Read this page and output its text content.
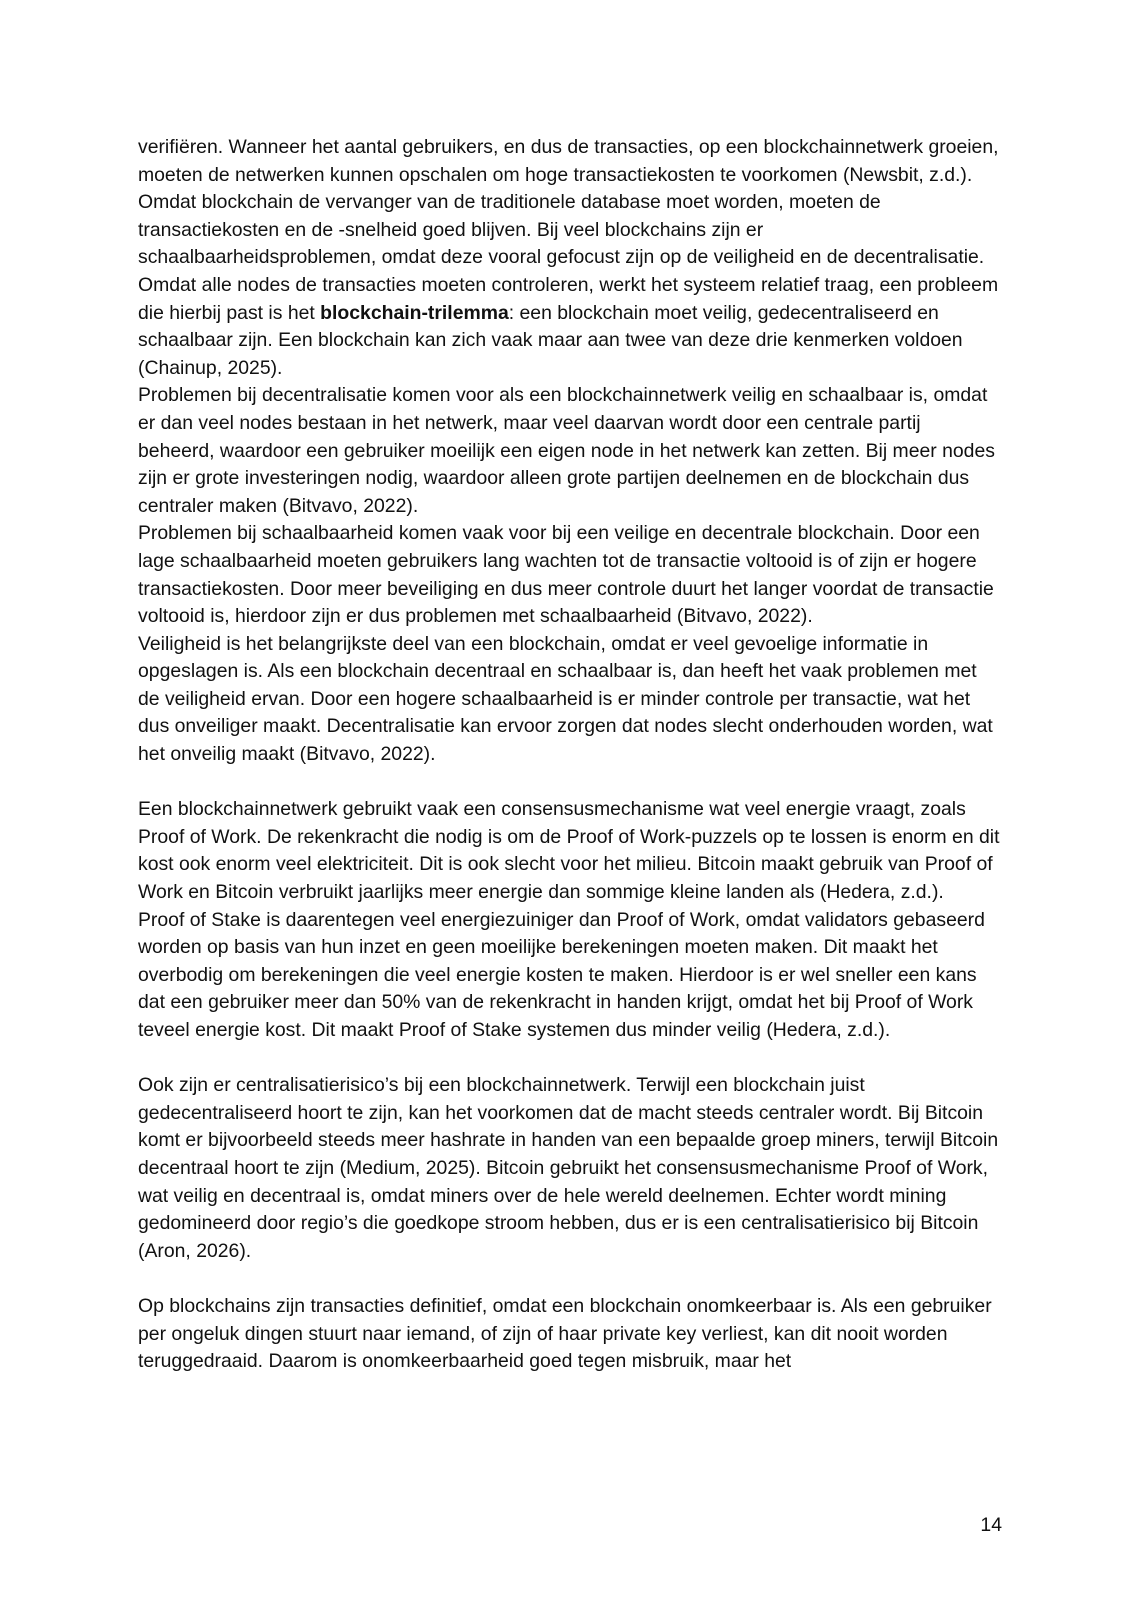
verifiëren. Wanneer het aantal gebruikers, en dus de transacties, op een blockchainnetwerk groeien, moeten de netwerken kunnen opschalen om hoge transactiekosten te voorkomen (Newsbit, z.d.). Omdat blockchain de vervanger van de traditionele database moet worden, moeten de transactiekosten en de -snelheid goed blijven. Bij veel blockchains zijn er schaalbaarheidsproblemen, omdat deze vooral gefocust zijn op de veiligheid en de decentralisatie. Omdat alle nodes de transacties moeten controleren, werkt het systeem relatief traag, een probleem die hierbij past is het blockchain-trilemma: een blockchain moet veilig, gedecentraliseerd en schaalbaar zijn. Een blockchain kan zich vaak maar aan twee van deze drie kenmerken voldoen (Chainup, 2025).

Problemen bij decentralisatie komen voor als een blockchainnetwerk veilig en schaalbaar is, omdat er dan veel nodes bestaan in het netwerk, maar veel daarvan wordt door een centrale partij beheerd, waardoor een gebruiker moeilijk een eigen node in het netwerk kan zetten. Bij meer nodes zijn er grote investeringen nodig, waardoor alleen grote partijen deelnemen en de blockchain dus centraler maken (Bitvavo, 2022).

Problemen bij schaalbaarheid komen vaak voor bij een veilige en decentrale blockchain. Door een lage schaalbaarheid moeten gebruikers lang wachten tot de transactie voltooid is of zijn er hogere transactiekosten. Door meer beveiliging en dus meer controle duurt het langer voordat de transactie voltooid is, hierdoor zijn er dus problemen met schaalbaarheid (Bitvavo, 2022).

Veiligheid is het belangrijkste deel van een blockchain, omdat er veel gevoelige informatie in opgeslagen is. Als een blockchain decentraal en schaalbaar is, dan heeft het vaak problemen met de veiligheid ervan. Door een hogere schaalbaarheid is er minder controle per transactie, wat het dus onveiliger maakt. Decentralisatie kan ervoor zorgen dat nodes slecht onderhouden worden, wat het onveilig maakt (Bitvavo, 2022).

Een blockchainnetwerk gebruikt vaak een consensusmechanisme wat veel energie vraagt, zoals Proof of Work. De rekenkracht die nodig is om de Proof of Work-puzzels op te lossen is enorm en dit kost ook enorm veel elektriciteit. Dit is ook slecht voor het milieu. Bitcoin maakt gebruik van Proof of Work en Bitcoin verbruikt jaarlijks meer energie dan sommige kleine landen als (Hedera, z.d.).

Proof of Stake is daarentegen veel energiezuiniger dan Proof of Work, omdat validators gebaseerd worden op basis van hun inzet en geen moeilijke berekeningen moeten maken. Dit maakt het overbodig om berekeningen die veel energie kosten te maken. Hierdoor is er wel sneller een kans dat een gebruiker meer dan 50% van de rekenkracht in handen krijgt, omdat het bij Proof of Work teveel energie kost. Dit maakt Proof of Stake systemen dus minder veilig (Hedera, z.d.).

Ook zijn er centralisatierisico’s bij een blockchainnetwerk. Terwijl een blockchain juist gedecentraliseerd hoort te zijn, kan het voorkomen dat de macht steeds centraler wordt. Bij Bitcoin komt er bijvoorbeeld steeds meer hashrate in handen van een bepaalde groep miners, terwijl Bitcoin decentraal hoort te zijn (Medium, 2025). Bitcoin gebruikt het consensusmechanisme Proof of Work, wat veilig en decentraal is, omdat miners over de hele wereld deelnemen. Echter wordt mining gedomineerd door regio’s die goedkope stroom hebben, dus er is een centralisatierisico bij Bitcoin (Aron, 2026).

Op blockchains zijn transacties definitief, omdat een blockchain onomkeerbaar is. Als een gebruiker per ongeluk dingen stuurt naar iemand, of zijn of haar private key verliest, kan dit nooit worden teruggedraaid. Daarom is onomkeerbaarheid goed tegen misbruik, maar het

14
